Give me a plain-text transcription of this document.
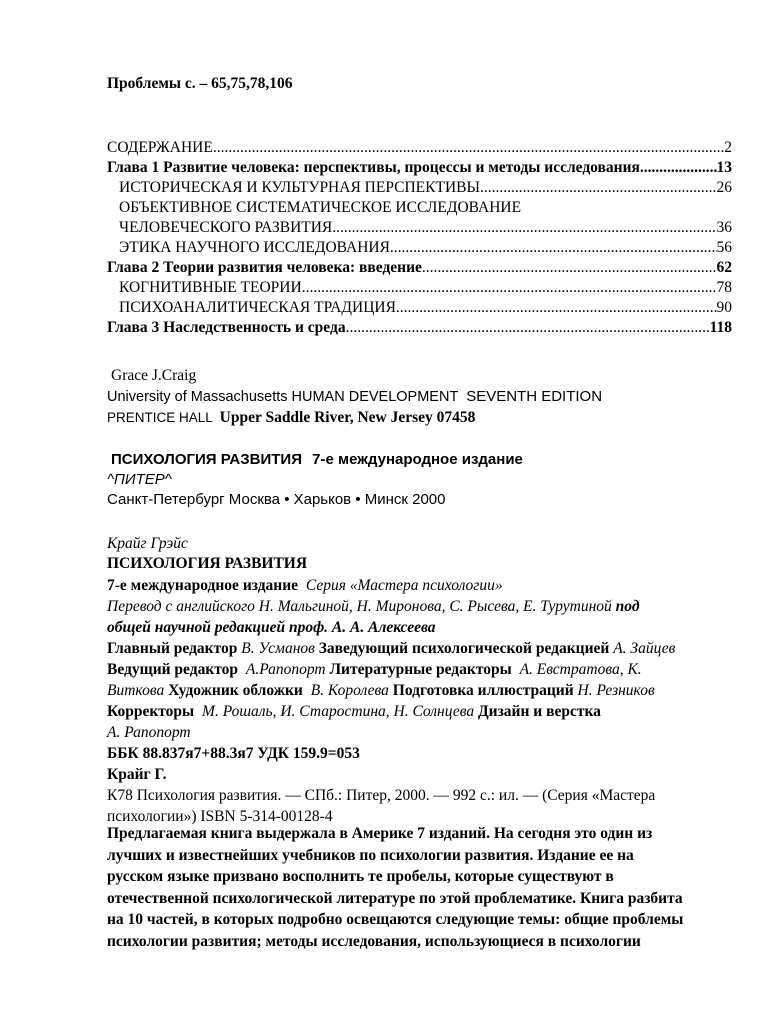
Проблемы с. – 65,75,78,106
СОДЕРЖАНИЕ .....	2
Глава 1 Развитие человека: перспективы, процессы и методы исследования .....	13
ИСТОРИЧЕСКАЯ И КУЛЬТУРНАЯ ПЕРСПЕКТИВЫ .....	26
ОБЪЕКТИВНОЕ СИСТЕМАТИЧЕСКОЕ ИССЛЕДОВАНИЕ
ЧЕЛОВЕЧЕСКОГО РАЗВИТИЯ .....	36
ЭТИКА НАУЧНОГО ИССЛЕДОВАНИЯ .....	56
Глава 2 Теории развития человека: введение .....	62
КОГНИТИВНЫЕ ТЕОРИИ .....	78
ПСИХОАНАЛИТИЧЕСКАЯ ТРАДИЦИЯ .....	90
Глава 3 Наследственность и среда .....	118
Grace J.Craig
University of Massachusetts HUMAN DEVELOPMENT SEVENTH EDITION
PRENTICE HALL Upper Saddle River, New Jersey 07458
ПСИХОЛОГИЯ РАЗВИТИЯ 7-е международное издание
^ПИТЕР^
Санкт-Петербург Москва • Харьков • Минск 2000
Крайг Грэйс
ПСИХОЛОГИЯ РАЗВИТИЯ
7-е международное издание Серия «Мастера психологии»
Перевод с английского Н. Мальгиной, Н. Миронова, С. Рысева, Е. Турутиной под
общей научной редакцией проф. А. А. Алексеева
Главный редактор В. Усманов Заведующий психологической редакцией А. Зайцев
Ведущий редактор А.Рапопорт Литературные редакторы А. Евстратова, К.
Виткова Художник обложки В. Королева Подготовка иллюстраций Н. Резников
Корректоры М. Рошаль, И. Старостина, Н. Солнцева Дизайн и верстка
А. Рапопорт
ББК 88.837я7+88.3я7 УДК 159.9=053
Крайг Г.
К78 Психология развития. — СПб.: Питер, 2000. — 992 с.: ил. — (Серия «Мастера
психологии») ISBN 5-314-00128-4
Предлагаемая книга выдержала в Америке 7 изданий. На сегодня это один из
лучших и известнейших учебников по психологии развития. Издание ее на
русском языке призвано восполнить те пробелы, которые существуют в
отечественной психологической литературе по этой проблематике. Книга разбита
на 10 частей, в которых подробно освещаются следующие темы: общие проблемы
психологии развития; методы исследования, использующиеся в психологии
